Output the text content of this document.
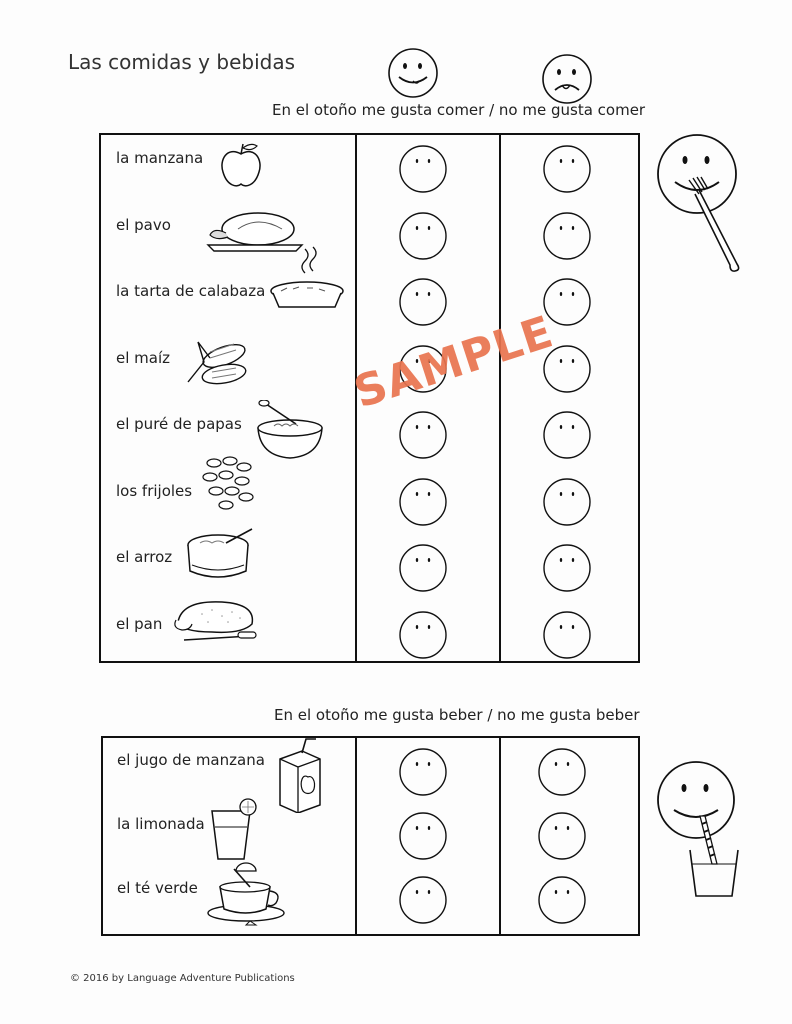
Las comidas y bebidas
En el otoño me gusta comer / no me gusta comer
la manzana
el pavo
la tarta de calabaza
el maíz
el puré de papas
los frijoles
el arroz
el pan
En el otoño me gusta beber / no me gusta beber
el jugo de manzana
la limonada
el té verde
SAMPLE
© 2016 by Language Adventure Publications
